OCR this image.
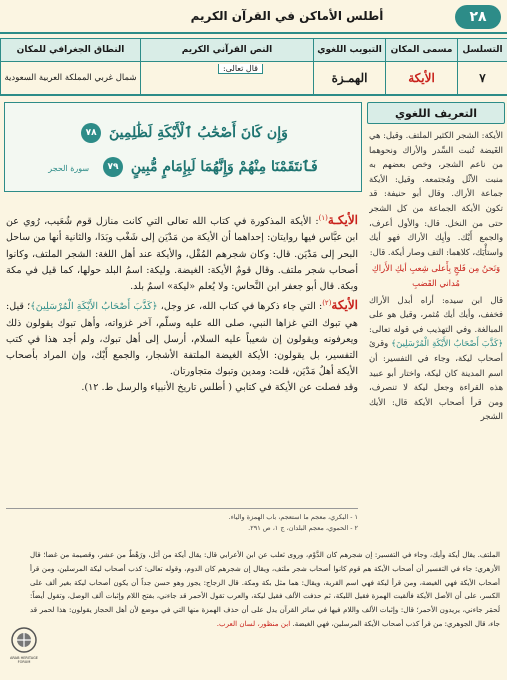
٢٨
أطلس الأماكن في القرآن الكريم
التسلسل
مسمى المكان
التبويب اللغوي
النص القرآني الكريم
النطاق الجغرافي للمكان
٧
الأيكة
الهمـزة
قال تعالى:
شمال غربي المملكة العربية السعودية
التعريف اللغوي
الأيكة: الشجر الكثير الملتف. وقيل: هي الغَيضة تُنبت السِّدر والأراك ونحوهما من ناعم الشجر، وخص بعضهم به منبت الأثْل ومُجتمعه. وقيل: الأيكة جماعة الأراك. وقال أبو حنيفة: قد تكون الأيكة الجماعة من كل الشجر حتى من النخل. قال: والأول أعرف، والجمع أَيْك. وأيِك الأراك فهو أيك واستأْيَك، كلاهما: التف وصار أيكة. قال:
وَنَحنُ مِن فَلجٍ بِأَعلى شِعبِ أيكِ الأَراكِ مُداني القَضبِ
قال ابن سيده: أراه أبدل الأراك فخفف، وأيك أيك مُثمر، وقيل هو على المبالغة. وفي التهذيب في قوله تعالى: ﴿كَذَّبَ أَصْحَابُ الأَيْكَةِ الْمُرْسَلِينَ﴾ وقرئ أصحاب ليكة، وجاء في التفسير: أن اسم المدينة كان ليكة، واختار أبو عبيد هذه القراءة وجعل ليكة لا تنصرف، ومن قرأ أصحاب الأيكة قال: الأيك الشجر
وَإِن كَانَ أَصْحَٰبُ ٱلْأَيْكَةِ لَظَٰلِمِينَ ٧٨
فَٱنتَقَمْنَا مِنْهُمْ وَإِنَّهُمَا لَبِإِمَامٍ مُّبِينٍ ٧٩ سورة الحجر
الأيكـة$^{(١)}$: الأيكة المذكورة في كتاب الله تعالى التي كانت منازل قوم شُعَيب، رُوي عن ابن عبَّاس فيها روايتان: إحداهما أن الأيكة من مَدْيَن إلى شَغْب وبَدَا، والثانية أنها من ساحل البحر إلى مَدْيَن. قال: وكان شجرهم المُقْل، والأيكة عند أهل اللغة: الشجر الملتف، وكانوا أصحاب شجر ملتف. وقال قومٌ الأيكة: الغيضة. وليكة: اسمُ البلد حولها، كما قيل في مكة وبكة. قال أبو جعفر ابن النَّحاس: ولا يُعلم «ليكة» اسمٌ بلد.
الأيكة$^{(٢)}$: التي جاء ذكرها في كتاب الله، عز وجل، ﴿كَذَّبَ أَصْحَابُ الأَيْكَةِ الْمُرْسَلِينَ﴾؛ قيل: هي تبوك التي غزاها النبي، صلى الله عليه وسلّم، آخر غزواته، وأهل تبوك يقولون ذلك ويعرفونه ويقولون إن شعيباً عليه السلام، أرسل إلى أهل تبوك، ولم أجد هذا في كتب التفسير، بل يقولون: الأيكة الغيضة الملتفة الأشجار، والجمع أَيْك، وإن المراد بأصحاب الأيكة أهلُ مَدْيَن، قلت: ومدين وتبوك متجاورتان.
وقد فصلت عن الأيكة في كتابي ( أطلس تاريخ الأنبياء والرسل ط. ١٢).
١ - البكري، معجم ما استعجم، باب الهمزة والياء.
٢ - الحموي، معجم البلدان، ج ١، ص ٢٩١.
الملتف. يقال أيكة وأيك، وجاء في التفسير: إن شجرهم كان الدَّوْم، وروى ثعلب عن ابن الأعرابي قال: يقال أيكة من أثل، ورَهْطٌ من عشر، وقصيمة من غضا؛ قال الأزهري: جاء في التفسير أن أصحاب الأيكة هم قوم كانوا أصحاب شجر ملتف، ويقال إن شجرهم كان الدوم، وقوله تعالى: كذب أصحاب ليكة المرسلين، ومن قرأ أصحاب الأيكة فهي الغيضة، ومن قرأ ليكة فهي اسم القرية، ويقال: هما مثل بكة ومكة. قال الزجاج: يجوز وهو حسن جداً أن يكون أصحاب ليكة بغير ألف على الكسر، على أن الأصل الأيكة فألقيت الهمزة فقيل الليكة، ثم حذفت الألف فقيل ليكة، والعرب تقول الأحمر قد جاءني، بفتح اللام وإثبات ألف الوصل، وتقول أيضاً: لَحمَر جاءني، يريدون الأحمر؛ قال: وإثبات الألف واللام فيها في سائر القرآن يدل على أن حذف الهمزة منها التي في موضع لأن أهل الحجاز يقولون: هذا لحمر قد جاء، قال الجوهري: من قرأ كذب أصحاب الأيكة المرسلين، فهي الغيضة. ابن منظور، لسان العرب.
ARAB HERITAGE FORUM
